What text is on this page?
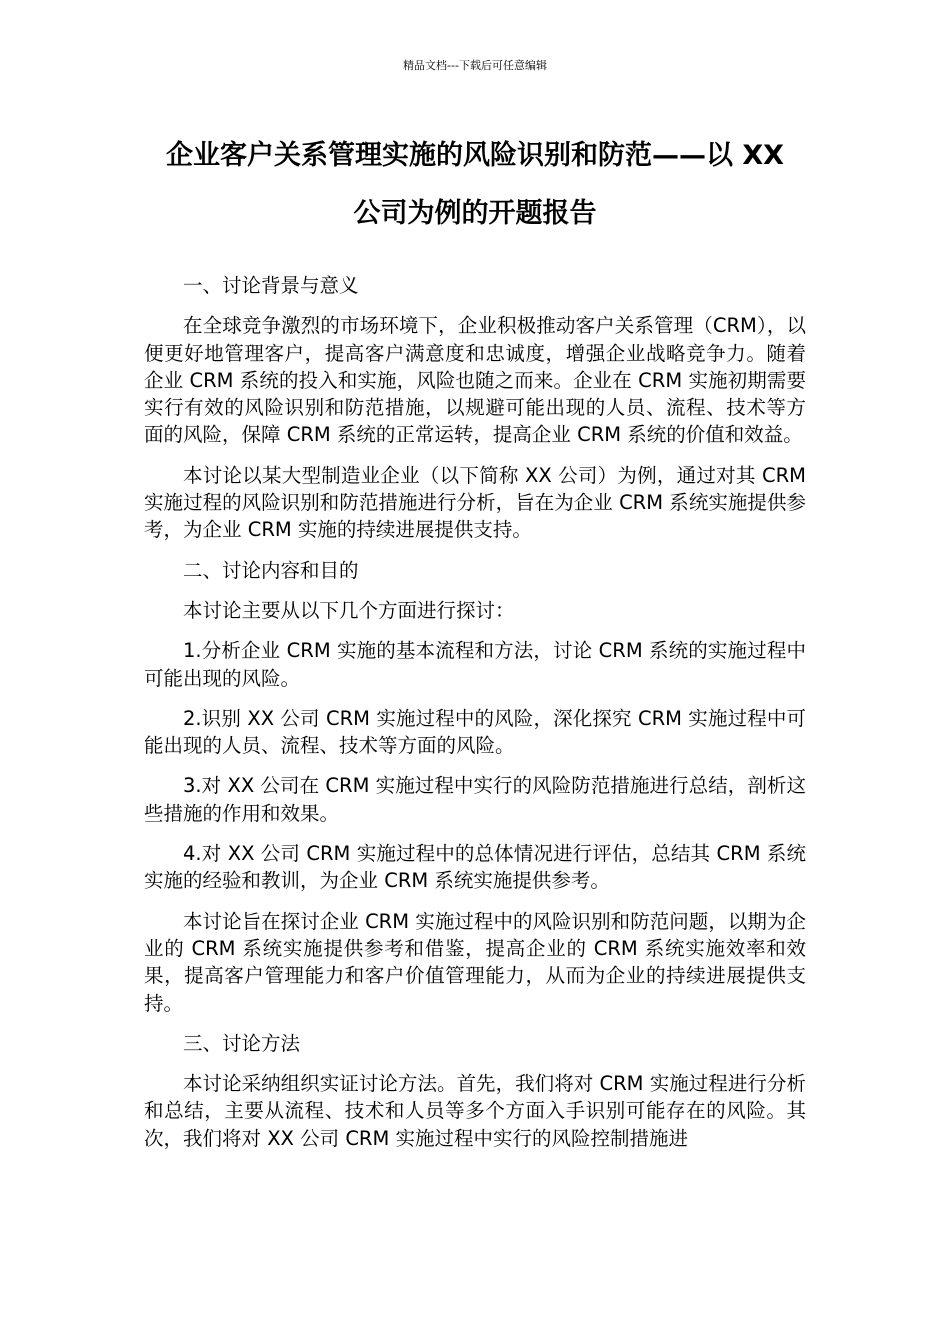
精品文档---下载后可任意编辑
企业客户关系管理实施的风险识别和防范——以 XX
公司为例的开题报告

一、讨论背景与意义

在全球竞争激烈的市场环境下，企业积极推动客户关系管理（CRM），以便更好地管理客户，提高客户满意度和忠诚度，增强企业战略竞争力。随着企业 CRM 系统的投入和实施，风险也随之而来。企业在 CRM 实施初期需要实行有效的风险识别和防范措施，以规避可能出现的人员、流程、技术等方面的风险，保障 CRM 系统的正常运转，提高企业 CRM 系统的价值和效益。

本讨论以某大型制造业企业（以下简称 XX 公司）为例，通过对其 CRM 实施过程的风险识别和防范措施进行分析，旨在为企业 CRM 系统实施提供参考，为企业 CRM 实施的持续进展提供支持。

二、讨论内容和目的

本讨论主要从以下几个方面进行探讨：

1.分析企业 CRM 实施的基本流程和方法，讨论 CRM 系统的实施过程中可能出现的风险。

2.识别 XX 公司 CRM 实施过程中的风险，深化探究 CRM 实施过程中可能出现的人员、流程、技术等方面的风险。

3.对 XX 公司在 CRM 实施过程中实行的风险防范措施进行总结，剖析这些措施的作用和效果。

4.对 XX 公司 CRM 实施过程中的总体情况进行评估，总结其 CRM 系统实施的经验和教训，为企业 CRM 系统实施提供参考。

本讨论旨在探讨企业 CRM 实施过程中的风险识别和防范问题，以期为企业的 CRM 系统实施提供参考和借鉴，提高企业的 CRM 系统实施效率和效果，提高客户管理能力和客户价值管理能力，从而为企业的持续进展提供支持。

三、讨论方法

本讨论采纳组织实证讨论方法。首先，我们将对 CRM 实施过程进行分析和总结，主要从流程、技术和人员等多个方面入手识别可能存在的风险。其次，我们将对 XX 公司 CRM 实施过程中实行的风险控制措施进
